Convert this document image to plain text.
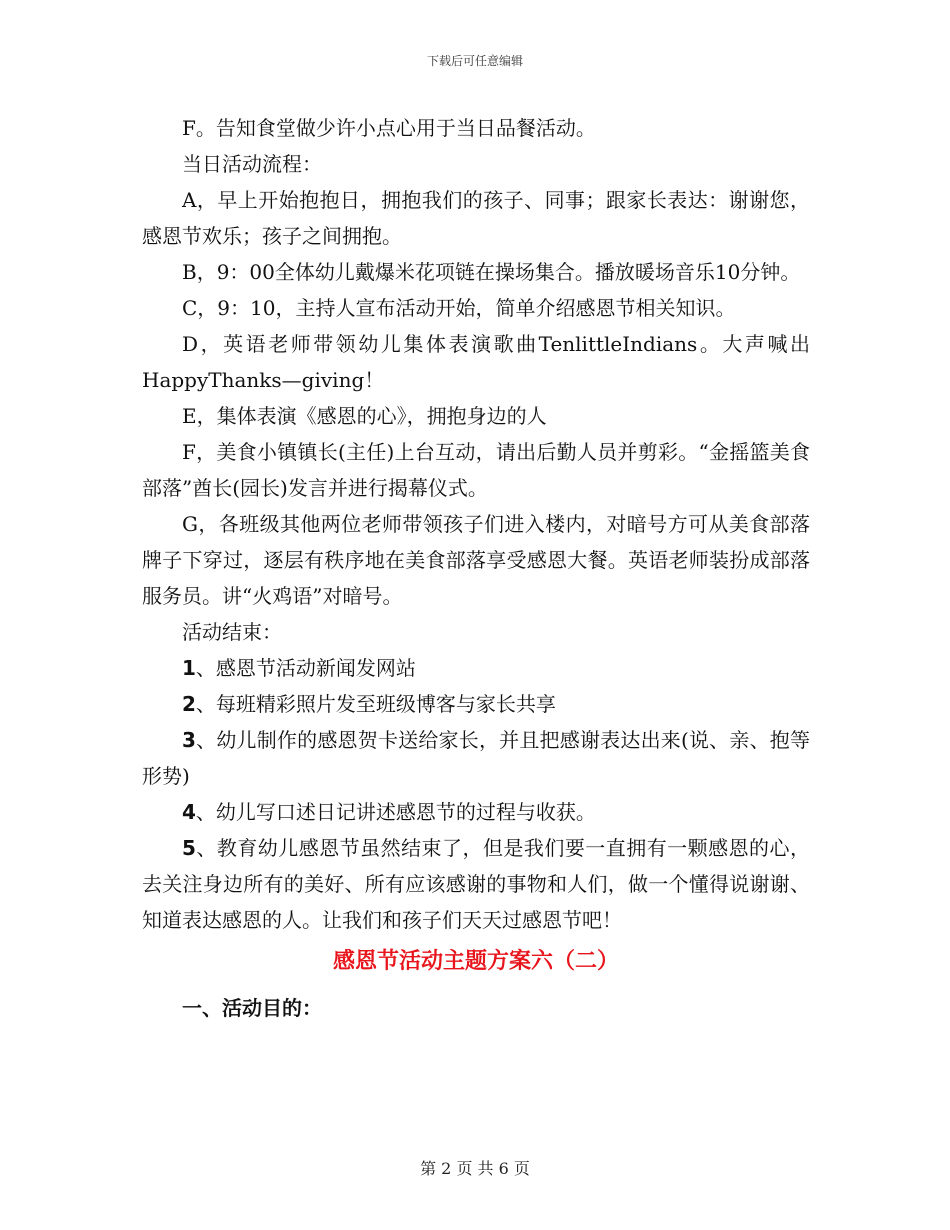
下载后可任意编辑

F。告知食堂做少许小点心用于当日品餐活动。

当日活动流程：

A，早上开始抱抱日，拥抱我们的孩子、同事；跟家长表达：谢谢您，感恩节欢乐；孩子之间拥抱。

B，9：00全体幼儿戴爆米花项链在操场集合。播放暖场音乐10分钟。

C，9：10，主持人宣布活动开始，简单介绍感恩节相关知识。

D，英语老师带领幼儿集体表演歌曲TenlittleIndians。大声喊出HappyThanks—giving！

E，集体表演《感恩的心》，拥抱身边的人

F，美食小镇镇长(主任)上台互动，请出后勤人员并剪彩。“金摇篮美食部落”酋长(园长)发言并进行揭幕仪式。

G，各班级其他两位老师带领孩子们进入楼内，对暗号方可从美食部落牌子下穿过，逐层有秩序地在美食部落享受感恩大餐。英语老师装扮成部落服务员。讲“火鸡语”对暗号。

活动结束：

1、感恩节活动新闻发网站

2、每班精彩照片发至班级博客与家长共享

3、幼儿制作的感恩贺卡送给家长，并且把感谢表达出来(说、亲、抱等形势)

4、幼儿写口述日记讲述感恩节的过程与收获。

5、教育幼儿感恩节虽然结束了，但是我们要一直拥有一颗感恩的心，去关注身边所有的美好、所有应该感谢的事物和人们，做一个懂得说谢谢、知道表达感恩的人。让我们和孩子们天天过感恩节吧！

感恩节活动主题方案六（二）

一、活动目的：

第 2 页 共 6 页
